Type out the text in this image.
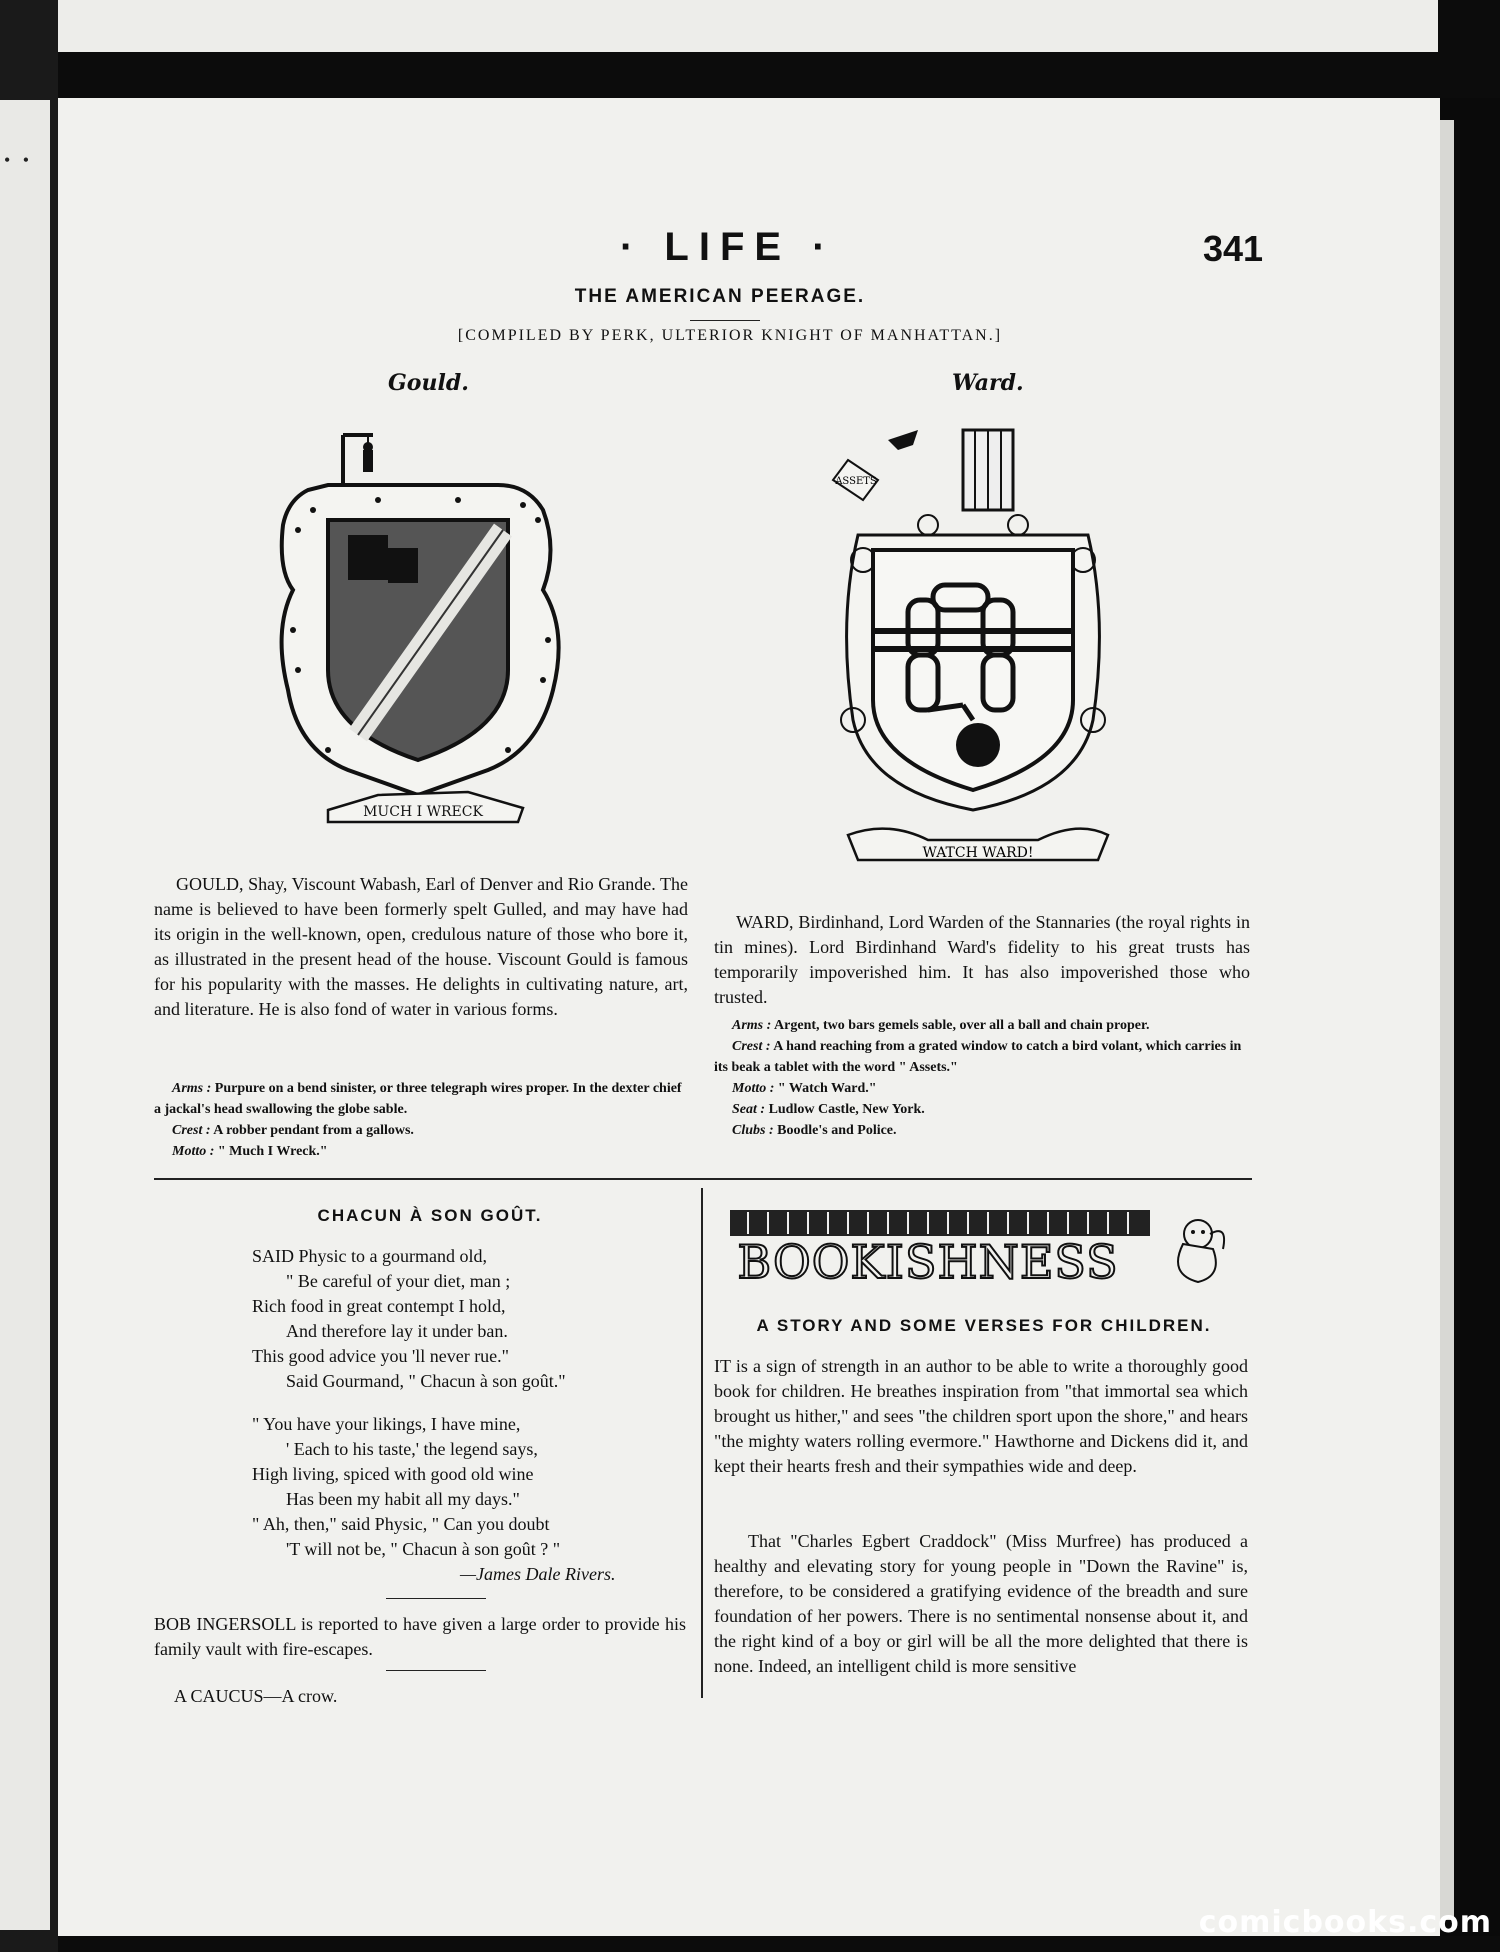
• •
· LIFE ·	341
THE AMERICAN PEERAGE.
[COMPILED BY PERK, ULTERIOR KNIGHT OF MANHATTAN.]
Gould.	Ward.
MUCH I WRECK
ASSETS
WATCH WARD!
GOULD, Shay, Viscount Wabash, Earl of Denver and Rio Grande. The name is believed to have been formerly spelt Gulled, and may have had its origin in the well-known, open, credulous nature of those who bore it, as illustrated in the present head of the house. Viscount Gould is famous for his popularity with the masses. He delights in cultivating nature, art, and literature. He is also fond of water in various forms.
Arms : Purpure on a bend sinister, or three telegraph wires proper. In the dexter chief a jackal's head swallowing the globe sable.
Crest : A robber pendant from a gallows.
Motto : " Much I Wreck."
WARD, Birdinhand, Lord Warden of the Stannaries (the royal rights in tin mines). Lord Birdinhand Ward's fidelity to his great trusts has temporarily impoverished him. It has also impoverished those who trusted.
Arms : Argent, two bars gemels sable, over all a ball and chain proper.
Crest : A hand reaching from a grated window to catch a bird volant, which carries in its beak a tablet with the word " Assets."
Motto : " Watch Ward."
Seat : Ludlow Castle, New York.
Clubs : Boodle's and Police.
CHACUN À SON GOÛT.
SAID Physic to a gourmand old,
" Be careful of your diet, man ;
Rich food in great contempt I hold,
And therefore lay it under ban.
This good advice you 'll never rue."
Said Gourmand, " Chacun à son goût."
" You have your likings, I have mine,
' Each to his taste,' the legend says,
High living, spiced with good old wine
Has been my habit all my days."
" Ah, then," said Physic, " Can you doubt
'T will not be, " Chacun à son goût ? "
—James Dale Rivers.
BOB INGERSOLL is reported to have given a large order to provide his family vault with fire-escapes.
A CAUCUS—A crow.
BOOKISHNESS
A STORY AND SOME VERSES FOR CHILDREN.
IT is a sign of strength in an author to be able to write a thoroughly good book for children. He breathes inspiration from "that immortal sea which brought us hither," and sees "the children sport upon the shore," and hears "the mighty waters rolling evermore." Hawthorne and Dickens did it, and kept their hearts fresh and their sympathies wide and deep.
That "Charles Egbert Craddock" (Miss Murfree) has produced a healthy and elevating story for young people in "Down the Ravine" is, therefore, to be considered a gratifying evidence of the breadth and sure foundation of her powers. There is no sentimental nonsense about it, and the right kind of a boy or girl will be all the more delighted that there is none. Indeed, an intelligent child is more sensitive
comicbooks.com
